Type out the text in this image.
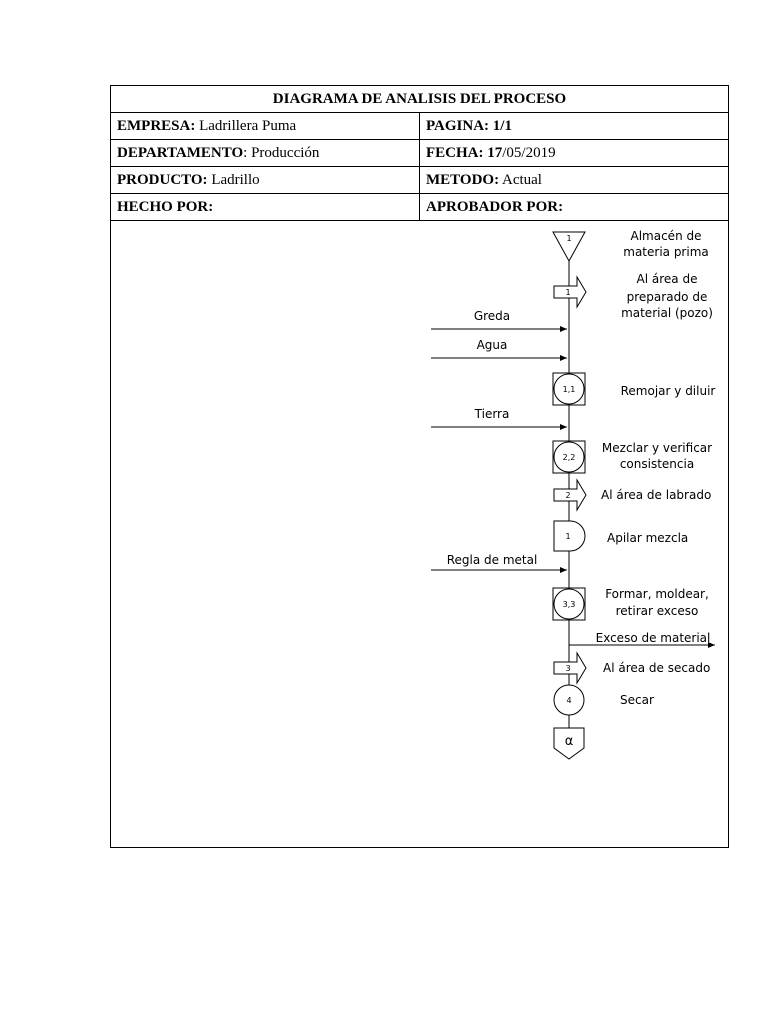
DIAGRAMA DE ANALISIS DEL PROCESO	
EMPRESA: Ladrillera Puma	PAGINA: 1/1
DEPARTAMENTO: Producción	FECHA: 17/05/2019
PRODUCTO: Ladrillo	METODO: Actual
HECHO POR:	APROBADOR POR:
1	Almacén de
materia prima
1
Al área de
preparado de
material (pozo)
Greda
Agua
1,1	Remojar y diluir
Tierra
2,2
Mezclar y verificar
consistencia
2	Al área de labrado
1	Apilar mezcla
Regla de metal
3,3
Formar, moldear,
retirar exceso
Exceso de material
3	Al área de secado
4	Secar
α
